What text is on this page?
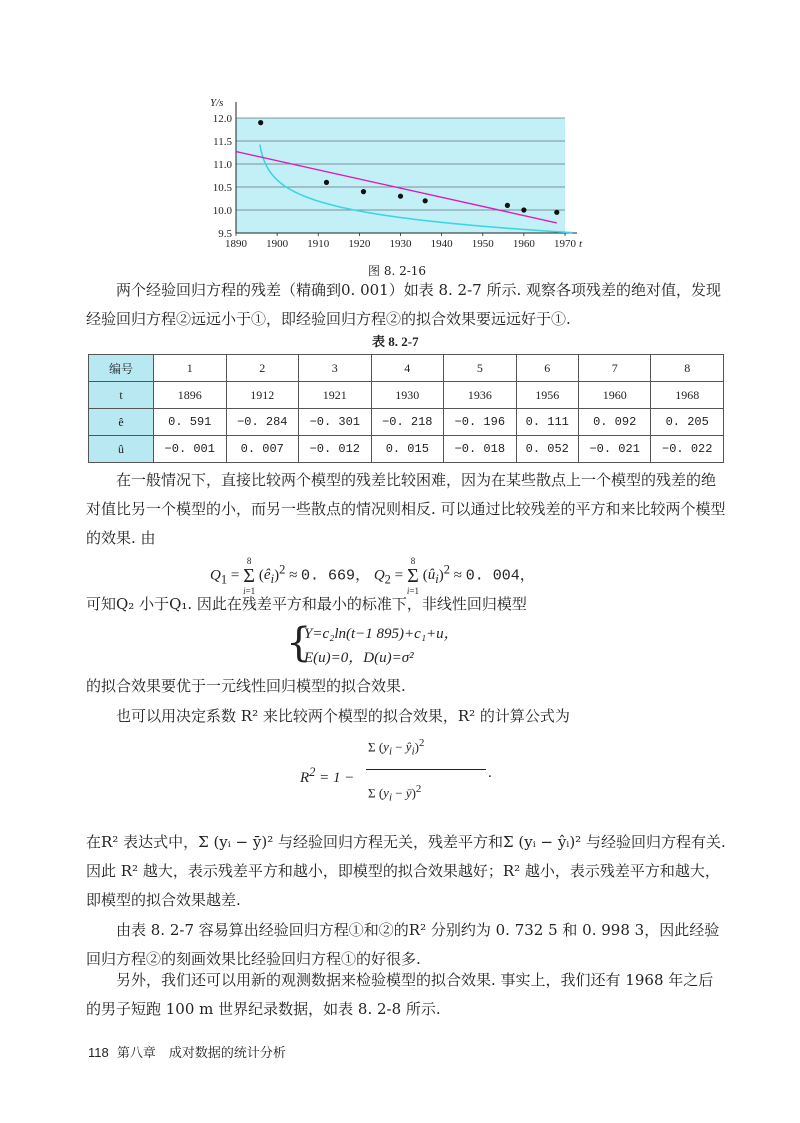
1890 1900 1910 1920 1930 1940 1950 1960 1970
9.5
10.0
10.5
11.0
11.5
12.0
Y/s
t
图 8. 2-16
两个经验回归方程的残差（精确到0. 001）如表 8. 2-7 所示. 观察各项残差的绝对值，发现经验回归方程②远远小于①，即经验回归方程②的拟合效果要远远好于①.
表 8. 2-7
编号	1	2	3	4	5	6	7	8
t	1896	1912	1921	1930	1936	1956	1960	1968
ê	0. 591	−0. 284	−0. 301	−0. 218	−0. 196	0. 111	0. 092	0. 205
û	−0. 001	0. 007	−0. 012	0. 015	−0. 018	0. 052	−0. 021	−0. 022
在一般情况下，直接比较两个模型的残差比较困难，因为在某些散点上一个模型的残差的绝对值比另一个模型的小，而另一些散点的情况则相反. 可以通过比较残差的平方和来比较两个模型的效果. 由
$Q_1 = 8$
Σ
i=1 $(ê_i)^2 \approx 0$. 669， $Q_2 = 8$
Σ
i=1 $(û_i)^2 \approx 0$. 004，
可知Q₂ 小于Q₁. 因此在残差平方和最小的标准下，非线性回归模型
{
Y=c₂ln(t−1 895)+c₁+u，
E(u)=0，D(u)=σ²
的拟合效果要优于一元线性回归模型的拟合效果.
也可以用决定系数 R² 来比较两个模型的拟合效果，R² 的计算公式为
$R^2 = 1$ −
Σ ($y_i$ − $ŷ_i)^2$
Σ ($y_i$ − ȳ)$^2$
.
在R² 表达式中，Σ (yᵢ − ȳ)² 与经验回归方程无关，残差平方和Σ (yᵢ − ŷᵢ)² 与经验回归方程有关. 因此 R² 越大，表示残差平方和越小，即模型的拟合效果越好；R² 越小，表示残差平方和越大，即模型的拟合效果越差.
由表 8. 2-7 容易算出经验回归方程①和②的R² 分别约为 0. 732 5 和 0. 998 3，因此经验回归方程②的刻画效果比经验回归方程①的好很多.
另外，我们还可以用新的观测数据来检验模型的拟合效果. 事实上，我们还有 1968 年之后的男子短跑 100 m 世界纪录数据，如表 8. 2-8 所示.
118 第八章　成对数据的统计分析
